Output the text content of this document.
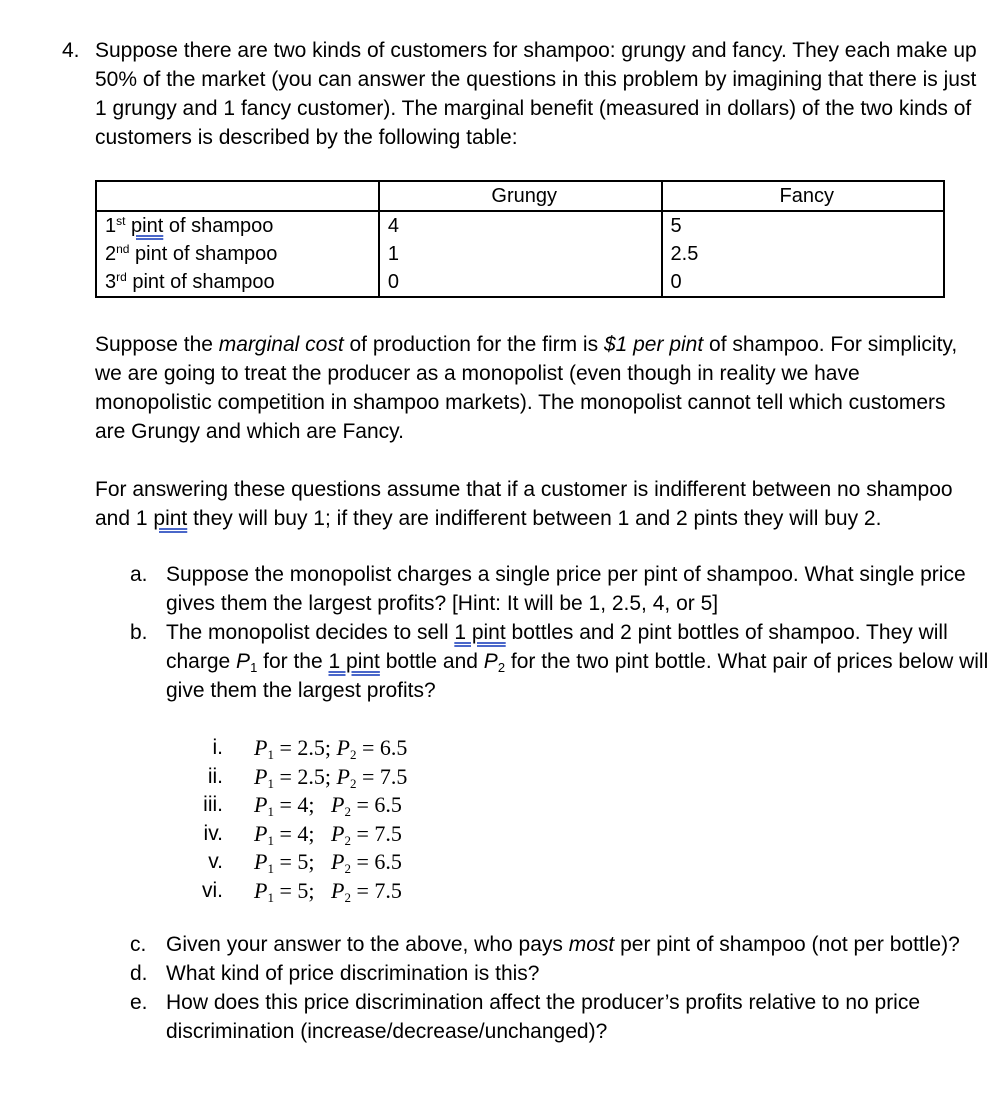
4. Suppose there are two kinds of customers for shampoo: grungy and fancy. They each make up 50% of the market (you can answer the questions in this problem by imagining that there is just 1 grungy and 1 fancy customer). The marginal benefit (measured in dollars) of the two kinds of customers is described by the following table:
	Grungy	Fancy
1st pint of shampoo	4	5
2nd pint of shampoo	1	2.5
3rd pint of shampoo	0	0
Suppose the marginal cost of production for the firm is $1 per pint of shampoo. For simplicity, we are going to treat the producer as a monopolist (even though in reality we have monopolistic competition in shampoo markets). The monopolist cannot tell which customers are Grungy and which are Fancy.
For answering these questions assume that if a customer is indifferent between no shampoo and 1 pint they will buy 1; if they are indifferent between 1 and 2 pints they will buy 2.
a. Suppose the monopolist charges a single price per pint of shampoo. What single price gives them the largest profits? [Hint: It will be 1, 2.5, 4, or 5]
b. The monopolist decides to sell 1 pint bottles and 2 pint bottles of shampoo. They will charge $P_1$ for the 1 pint bottle and $P_2$ for the two pint bottle. What pair of prices below will give them the largest profits?
i. $P_1 = 2.5$; $P_2 = 6.5$
ii. $P_1 = 2.5$; $P_2 = 7.5$
iii. $P_1 = 4$;   $P_2 = 6.5$
iv. $P_1 = 4$;   $P_2 = 7.5$
v. $P_1 = 5$;   $P_2 = 6.5$
vi. $P_1 = 5$;   $P_2 = 7.5$
c. Given your answer to the above, who pays most per pint of shampoo (not per bottle)?
d. What kind of price discrimination is this?
e. How does this price discrimination affect the producer’s profits relative to no price discrimination (increase/decrease/unchanged)?
